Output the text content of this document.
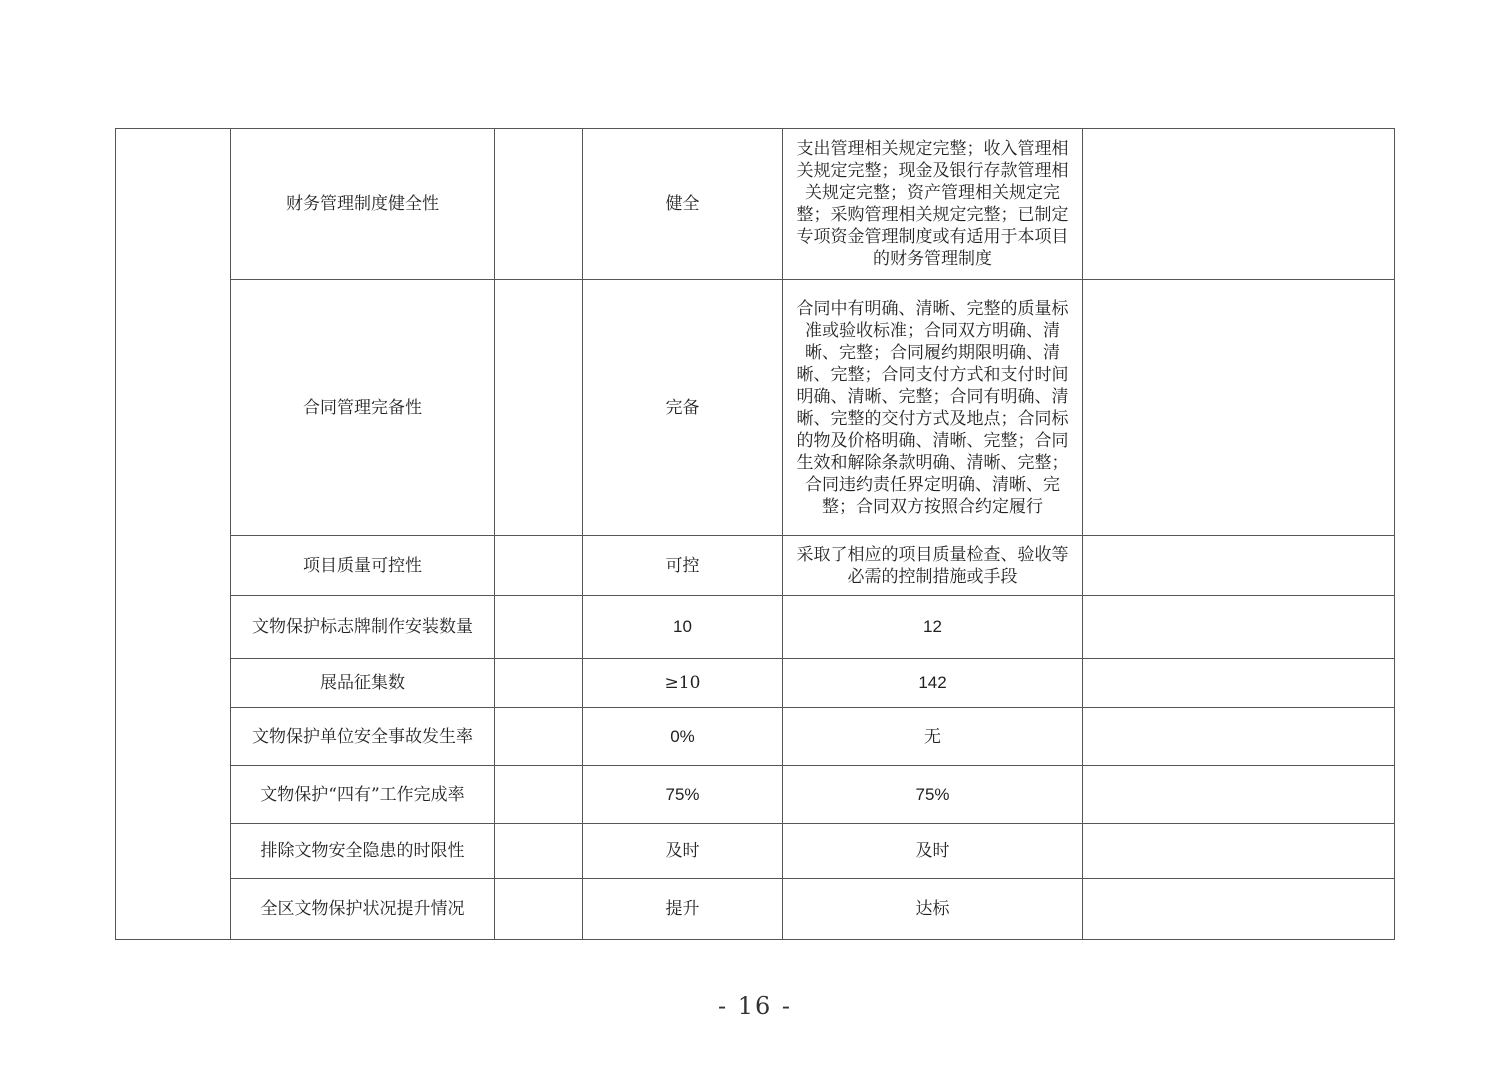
	财务管理制度健全性		健全	支出管理相关规定完整；收入管理相关规定完整；现金及银行存款管理相关规定完整；资产管理相关规定完整；采购管理相关规定完整；已制定专项资金管理制度或有适用于本项目的财务管理制度	
	合同管理完备性		完备	合同中有明确、清晰、完整的质量标准或验收标准；合同双方明确、清晰、完整；合同履约期限明确、清晰、完整；合同支付方式和支付时间明确、清晰、完整；合同有明确、清晰、完整的交付方式及地点；合同标的物及价格明确、清晰、完整；合同生效和解除条款明确、清晰、完整；合同违约责任界定明确、清晰、完整；合同双方按照合约定履行	
	项目质量可控性		可控	采取了相应的项目质量检查、验收等必需的控制措施或手段	
	文物保护标志牌制作安装数量		10	12	
	展品征集数		≥10	142	
	文物保护单位安全事故发生率		0%	无	
	文物保护“四有”工作完成率		75%	75%	
	排除文物安全隐患的时限性		及时	及时	
	全区文物保护状况提升情况		提升	达标	
- 16 -
